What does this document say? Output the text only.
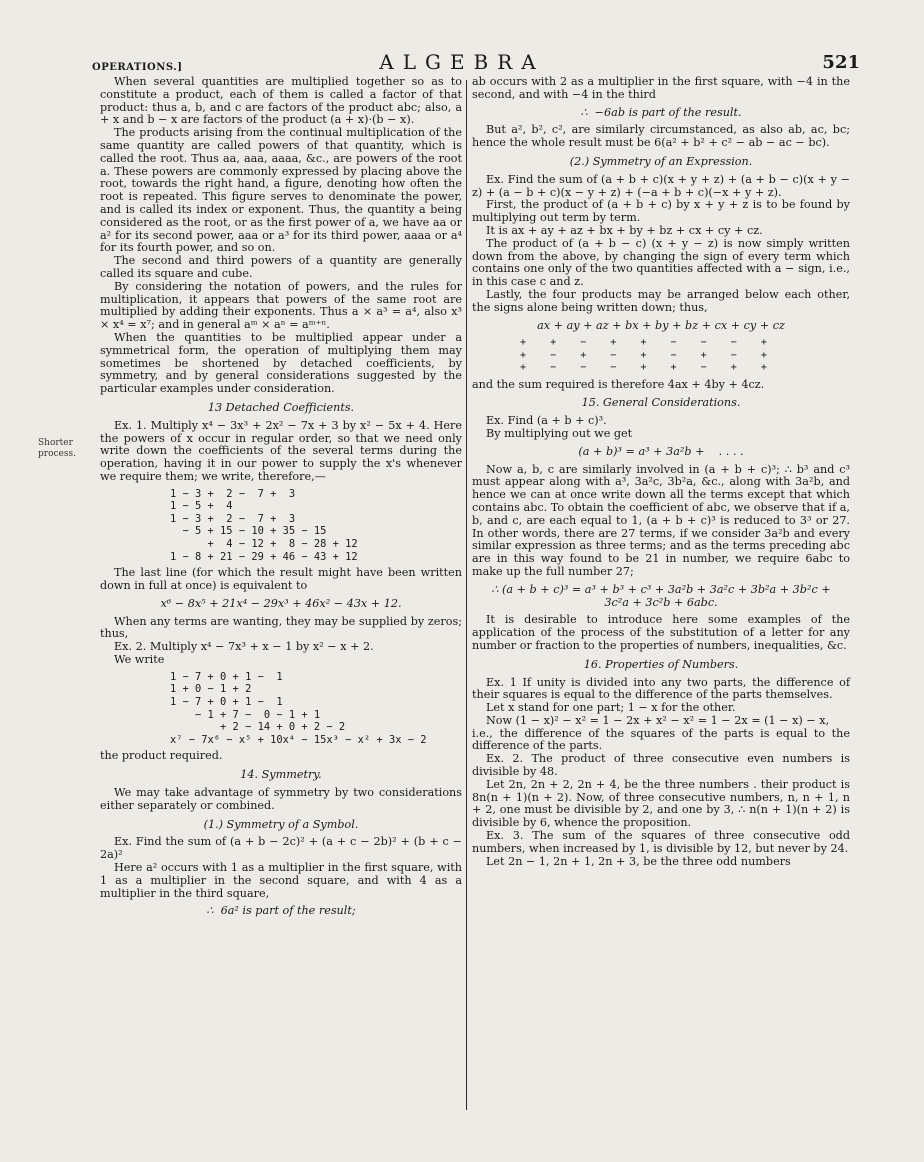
OPERATIONS.]	ALGEBRA	521
Shorter process.

When several quantities are multiplied together so as to constitute a product, each of them is called a factor of that product: thus a, b, and c are factors of the product abc; also, a + x and b − x are factors of the product (a + x)·(b − x).

The products arising from the continual multiplication of the same quantity are called powers of that quantity, which is called the root. Thus aa, aaa, aaaa, &c., are powers of the root a. These powers are commonly expressed by placing above the root, towards the right hand, a figure, denoting how often the root is repeated. This figure serves to denominate the power, and is called its index or exponent. Thus, the quantity a being considered as the root, or as the first power of a, we have aa or a² for its second power, aaa or a³ for its third power, aaaa or a⁴ for its fourth power, and so on.

The second and third powers of a quantity are generally called its square and cube.

By considering the notation of powers, and the rules for multiplication, it appears that powers of the same root are multiplied by adding their exponents. Thus a × a³ = a⁴, also x³ × x⁴ = x⁷; and in general aᵐ × aⁿ = aᵐ⁺ⁿ.

When the quantities to be multiplied appear under a symmetrical form, the operation of multiplying them may sometimes be shortened by detached coefficients, by symmetry, and by general considerations suggested by the particular examples under consideration.

13 Detached Coefficients.

Ex. 1. Multiply x⁴ − 3x³ + 2x² − 7x + 3 by x² − 5x + 4. Here the powers of x occur in regular order, so that we need only write down the coefficients of the several terms during the operation, having it in our power to supply the x's whenever we require them; we write, therefore,—

1 − 3 +  2 −  7 +  3
1 − 5 +  4
1 − 3 +  2 −  7 +  3
− 5 + 15 − 10 + 35 − 15
+  4 − 12 +  8 − 28 + 12
1 − 8 + 21 − 29 + 46 − 43 + 12

The last line (for which the result might have been written down in full at once) is equivalent to

x⁶ − 8x⁵ + 21x⁴ − 29x³ + 46x² − 43x + 12.

When any terms are wanting, they may be supplied by zeros; thus,

Ex. 2. Multiply x⁴ − 7x³ + x − 1 by x² − x + 2.

We write

1 − 7 + 0 + 1 −  1
1 + 0 − 1 + 2
1 − 7 + 0 + 1 −  1
− 1 + 7 −  0 − 1 + 1
+ 2 − 14 + 0 + 2 − 2
x⁷ − 7x⁶ − x⁵ + 10x⁴ − 15x³ − x² + 3x − 2

the product required.

14. Symmetry.

We may take advantage of symmetry by two considerations either separately or combined.

(1.) Symmetry of a Symbol.

Ex. Find the sum of (a + b − 2c)² + (a + c − 2b)² + (b + c − 2a)²

Here a² occurs with 1 as a multiplier in the first square, with 1 as a multiplier in the second square, and with 4 as a multiplier in the third square,

∴  6a² is part of the result;

ab occurs with 2 as a multiplier in the first square, with −4 in the second, and with −4 in the third

∴  −6ab is part of the result.

But a², b², c², are similarly circumstanced, as also ab, ac, bc; hence the whole result must be 6(a² + b² + c² − ab − ac − bc).

(2.) Symmetry of an Expression.

Ex. Find the sum of (a + b + c)(x + y + z) + (a + b − c)(x + y − z) + (a − b + c)(x − y + z) + (−a + b + c)(−x + y + z).

First, the product of (a + b + c) by x + y + z is to be found by multiplying out term by term.

It is ax + ay + az + bx + by + bz + cx + cy + cz.

The product of (a + b − c) (x + y − z) is now simply written down from the above, by changing the sign of every term which contains one only of the two quantities affected with a − sign, i.e., in this case c and z.

Lastly, the four products may be arranged below each other, the signs alone being written down; thus,

ax + ay + az + bx + by + bz + cx + cy + cz
+    +    −    +    +    −    −    −    +
+    −    +    −    +    −    +    −    +
+    −    −    −    +    +    −    +    +

and the sum required is therefore 4ax + 4by + 4cz.

15. General Considerations.

Ex. Find (a + b + c)³.

By multiplying out we get

(a + b)³ = a³ + 3a²b +    . . . .

Now a, b, c are similarly involved in (a + b + c)³; ∴ b³ and c³ must appear along with a³, 3a²c, 3b²a, &c., along with 3a²b, and hence we can at once write down all the terms except that which contains abc. To obtain the coefficient of abc, we observe that if a, b, and c, are each equal to 1, (a + b + c)³ is reduced to 3³ or 27. In other words, there are 27 terms, if we consider 3a²b and every similar expression as three terms; and as the terms preceding abc are in this way found to be 21 in number, we require 6abc to make up the full number 27;

∴ (a + b + c)³ = a³ + b³ + c³ + 3a²b + 3a²c + 3b²a + 3b²c +
3c²a + 3c²b + 6abc.

It is desirable to introduce here some examples of the application of the process of the substitution of a letter for any number or fraction to the properties of numbers, inequalities, &c.

16. Properties of Numbers.

Ex. 1 If unity is divided into any two parts, the difference of their squares is equal to the difference of the parts themselves.

Let x stand for one part; 1 − x for the other.

Now (1 − x)² − x² = 1 − 2x + x² − x² = 1 − 2x = (1 − x) − x,

i.e., the difference of the squares of the parts is equal to the difference of the parts.

Ex. 2. The product of three consecutive even numbers is divisible by 48.

Let 2n, 2n + 2, 2n + 4, be the three numbers . their product is 8n(n + 1)(n + 2). Now, of three consecutive numbers, n, n + 1, n + 2, one must be divisible by 2, and one by 3, ∴ n(n + 1)(n + 2) is divisible by 6, whence the proposition.

Ex. 3. The sum of the squares of three consecutive odd numbers, when increased by 1, is divisible by 12, but never by 24.

Let 2n − 1, 2n + 1, 2n + 3, be the three odd numbers
